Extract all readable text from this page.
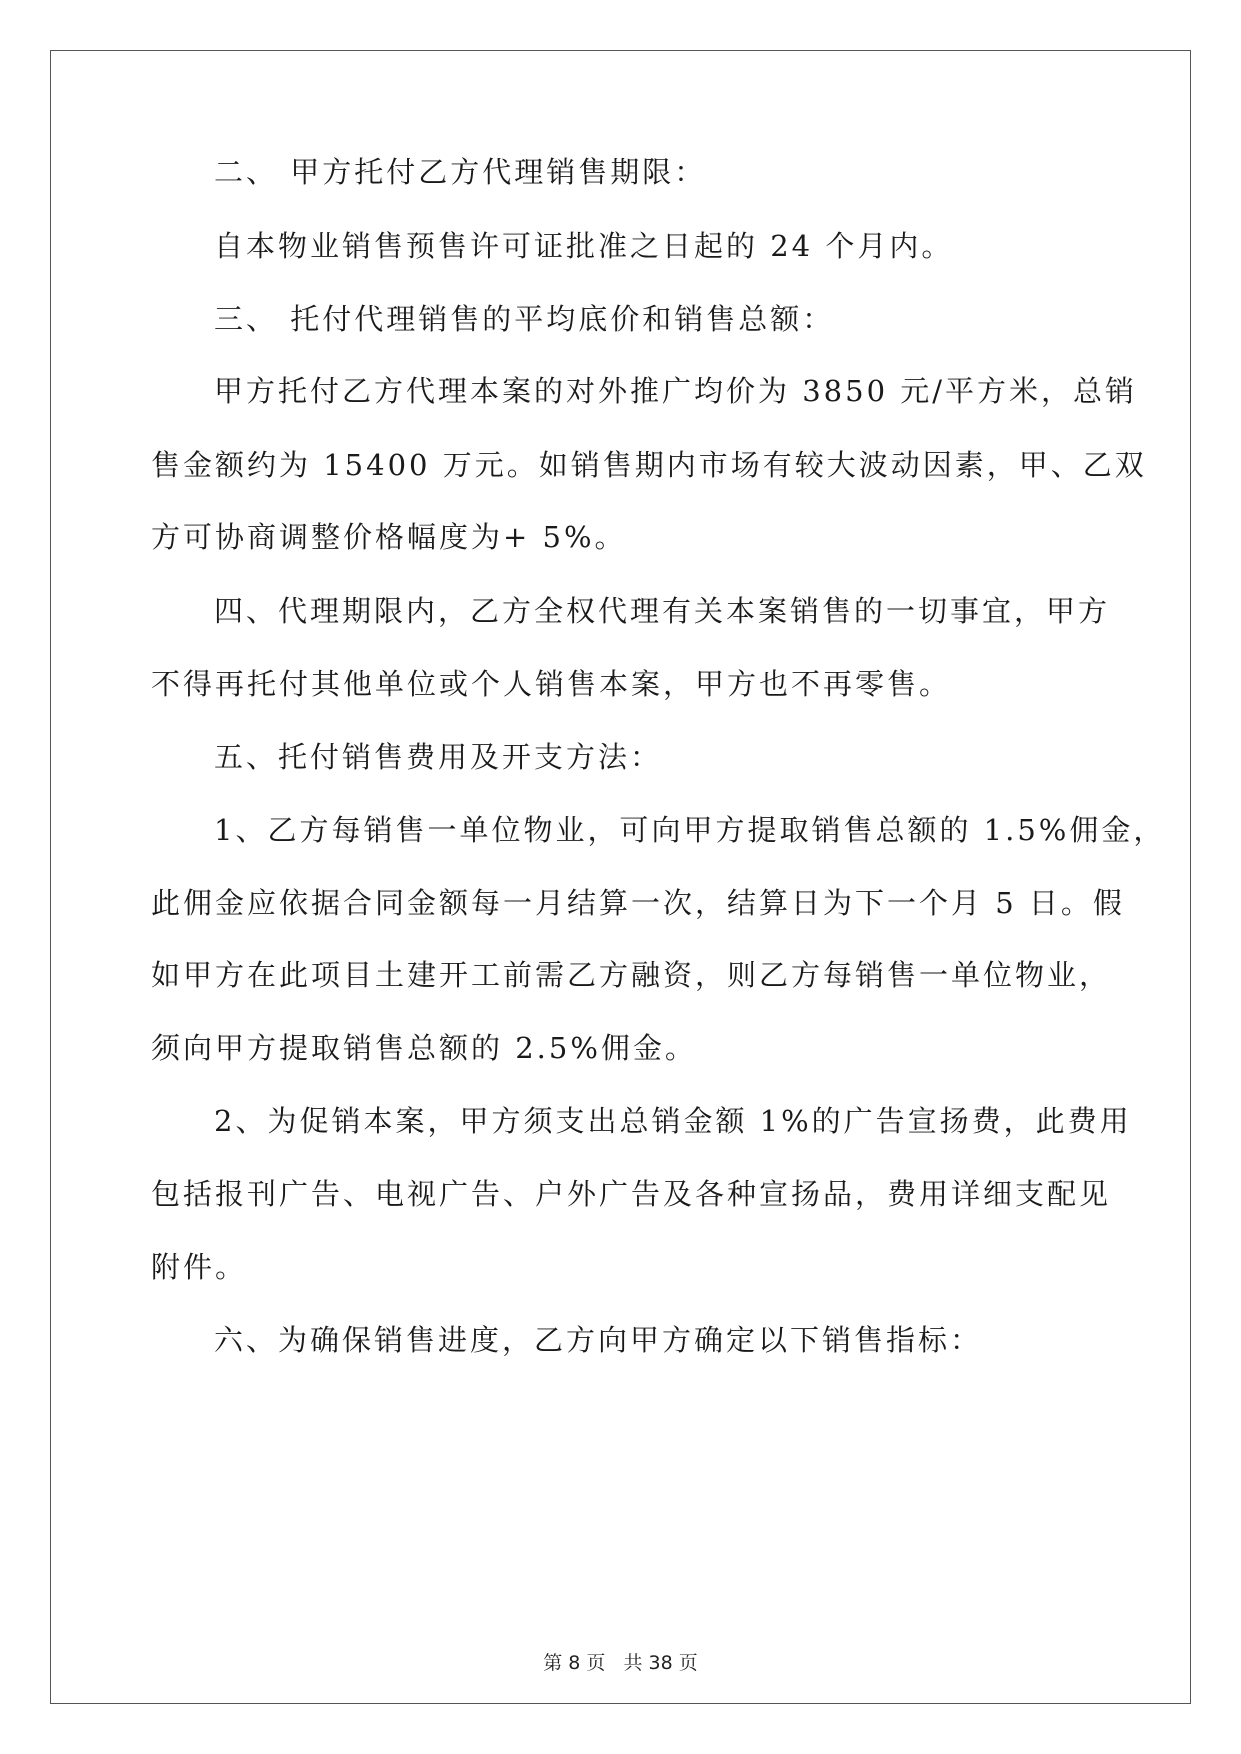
二、 甲方托付乙方代理销售期限：
自本物业销售预售许可证批准之日起的 24 个月内。
三、 托付代理销售的平均底价和销售总额：
甲方托付乙方代理本案的对外推广均价为 3850 元/平方米，总销
售金额约为 15400 万元。如销售期内市场有较大波动因素，甲、乙双
方可协商调整价格幅度为+ 5%。
四、代理期限内，乙方全权代理有关本案销售的一切事宜，甲方
不得再托付其他单位或个人销售本案，甲方也不再零售。
五、托付销售费用及开支方法：
1、乙方每销售一单位物业，可向甲方提取销售总额的 1.5%佣金，
此佣金应依据合同金额每一月结算一次，结算日为下一个月 5 日。假
如甲方在此项目土建开工前需乙方融资，则乙方每销售一单位物业，
须向甲方提取销售总额的 2.5%佣金。
2、为促销本案，甲方须支出总销金额 1%的广告宣扬费，此费用
包括报刊广告、电视广告、户外广告及各种宣扬品，费用详细支配见
附件。
六、为确保销售进度，乙方向甲方确定以下销售指标：
第 8 页 共 38 页
